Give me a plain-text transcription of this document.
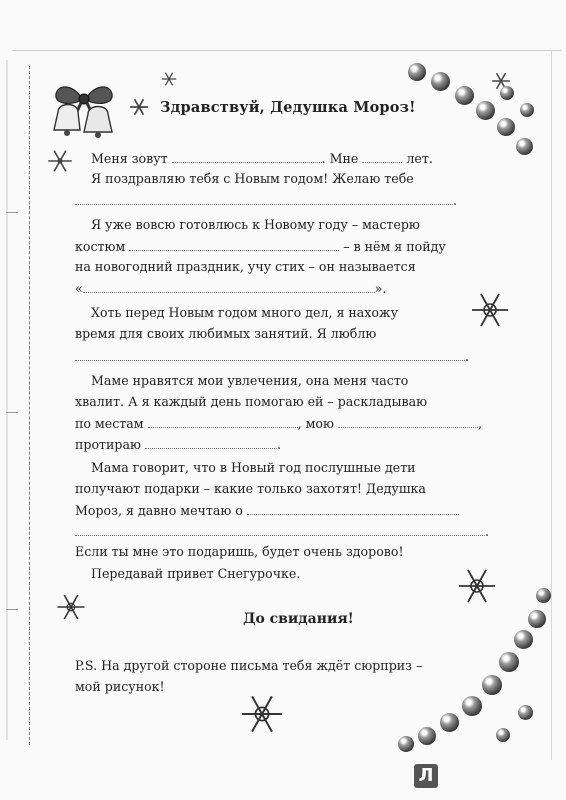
Здравствуй, Дедушка Мороз!
Меня зовут	. Мне	лет.
Я поздравляю тебя с Новым годом! Желаю тебе
.
Я уже вовсю готовлюсь к Новому году – мастерю
костюм	– в нём я пойду
на новогодний праздник, учу стих – он называется
«	».
Хоть перед Новым годом много дел, я нахожу
время для своих любимых занятий. Я люблю
.
Маме нравятся мои увлечения, она меня часто
хвалит. А я каждый день помогаю ей – раскладываю
по местам	, мою	,
протираю	.
Мама говорит, что в Новый год послушные дети
получают подарки – какие только захотят! Дедушка
Мороз, я давно мечтаю о
.
Если ты мне это подаришь, будет очень здорово!
Передавай привет Снегурочке.
До свидания!
P.S. На другой стороне письма тебя ждёт сюрприз –
мой рисунок!
Л
